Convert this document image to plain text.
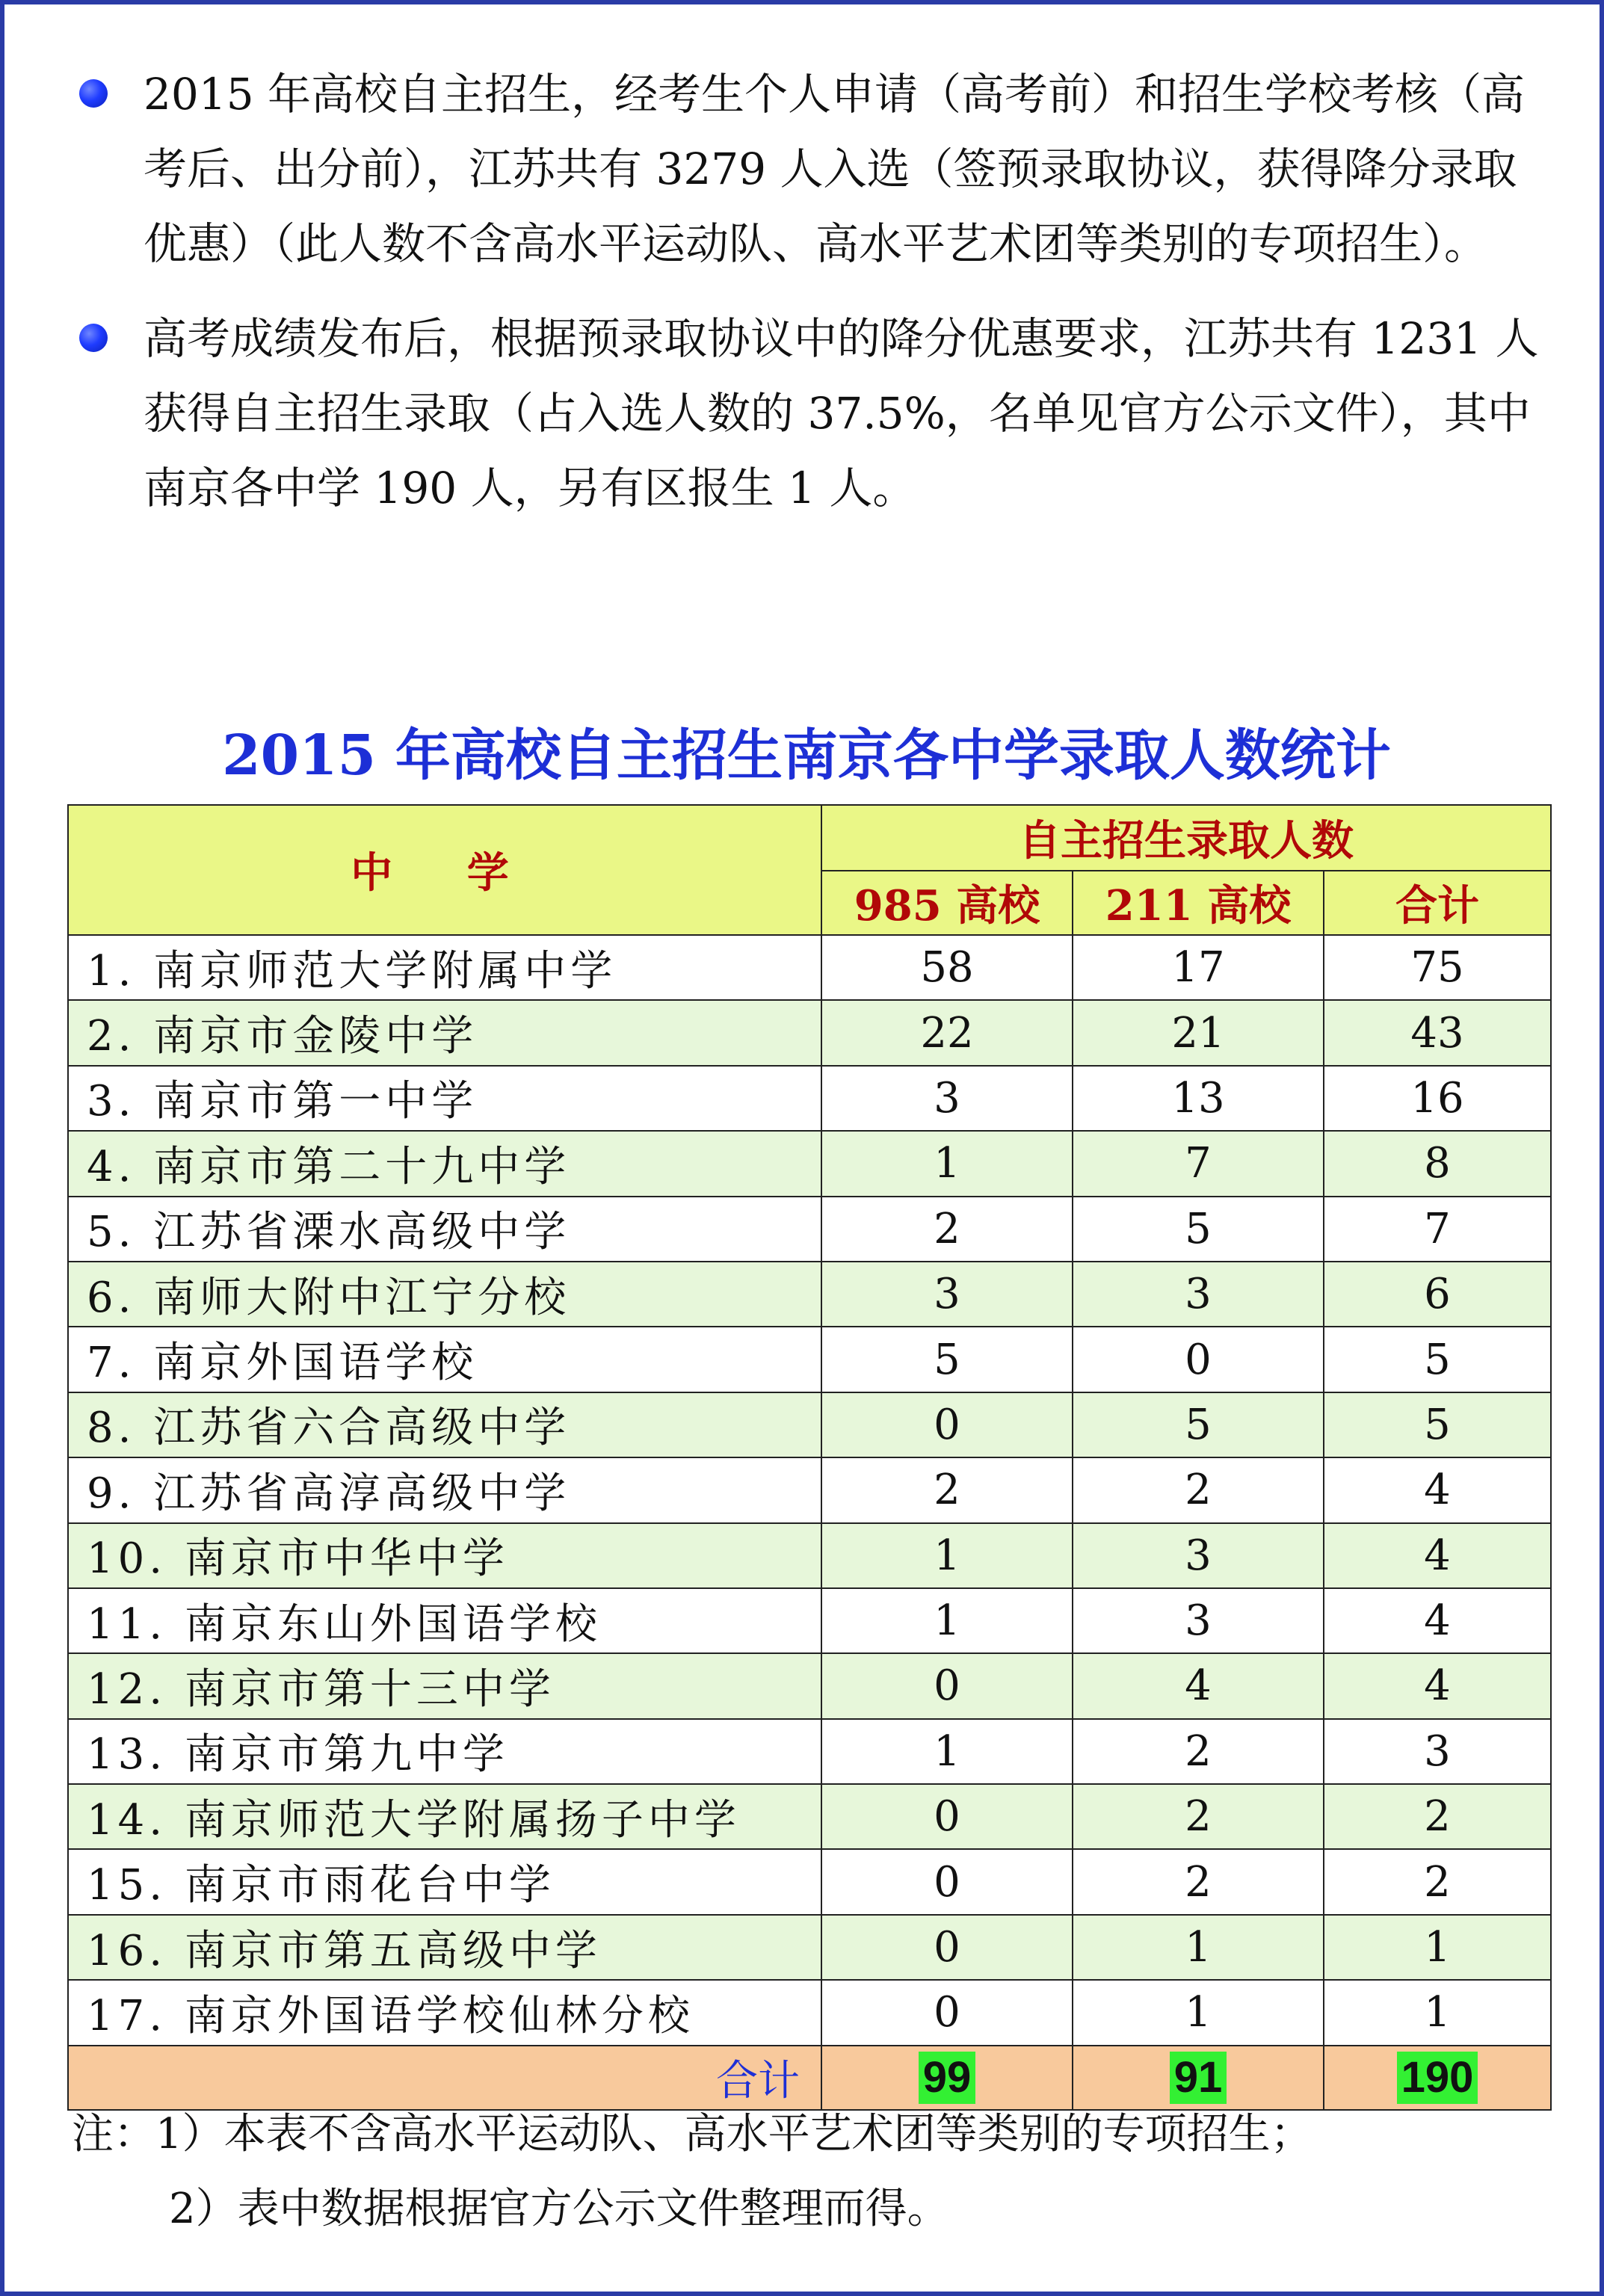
2015 年高校自主招生，经考生个人申请（高考前）和招生学校考核（高考后、出分前），江苏共有 3279 人入选（签预录取协议，获得降分录取优惠）（此人数不含高水平运动队、高水平艺术团等类别的专项招生）。
高考成绩发布后，根据预录取协议中的降分优惠要求，江苏共有 1231 人获得自主招生录取（占入选人数的 37.5%，名单见官方公示文件），其中南京各中学 190 人，另有区报生 1 人。
2015 年高校自主招生南京各中学录取人数统计
中 学	自主招生录取人数		
	985 高校	211 高校	合计
1. 南京师范大学附属中学	58	17	75
2. 南京市金陵中学	22	21	43
3. 南京市第一中学	3	13	16
4. 南京市第二十九中学	1	7	8
5. 江苏省溧水高级中学	2	5	7
6. 南师大附中江宁分校	3	3	6
7. 南京外国语学校	5	0	5
8. 江苏省六合高级中学	0	5	5
9. 江苏省高淳高级中学	2	2	4
10. 南京市中华中学	1	3	4
11. 南京东山外国语学校	1	3	4
12. 南京市第十三中学	0	4	4
13. 南京市第九中学	1	2	3
14. 南京师范大学附属扬子中学	0	2	2
15. 南京市雨花台中学	0	2	2
16. 南京市第五高级中学	0	1	1
17. 南京外国语学校仙林分校	0	1	1
合计	99	91	190
注：1）本表不含高水平运动队、高水平艺术团等类别的专项招生；
2）表中数据根据官方公示文件整理而得。
